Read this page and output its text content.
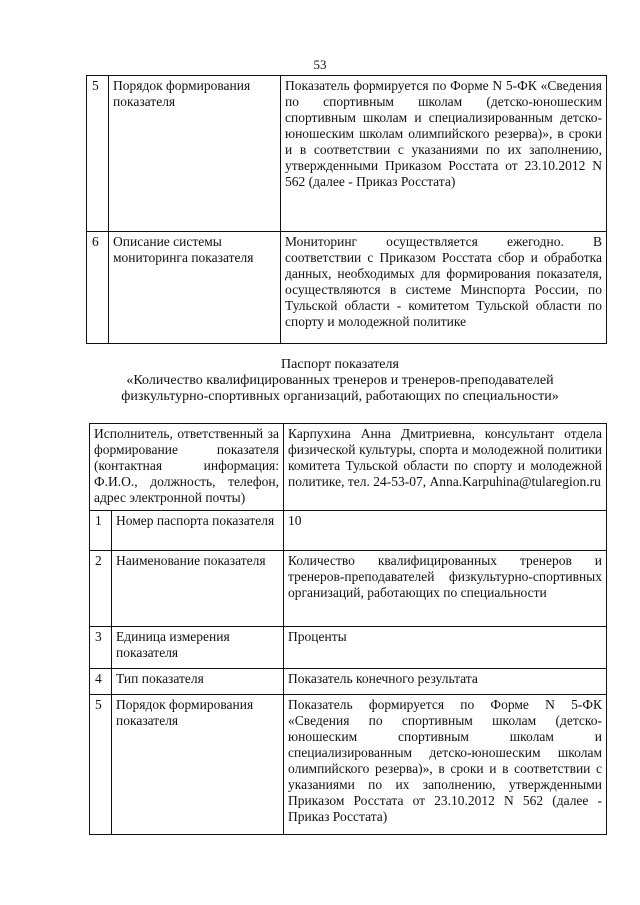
53
5	Порядок формирования показателя	Показатель формируется по Форме N 5-ФК «Сведения по спортивным школам (детско-юношеским спортивным школам и специализированным детско-юношеским школам олимпийского резерва)», в сроки и в соответствии с указаниями по их заполнению, утвержденными Приказом Росстата от 23.10.2012 N 562 (далее - Приказ Росстата)
6	Описание системы мониторинга показателя	Мониторинг осуществляется ежегодно. В соответствии с Приказом Росстата сбор и обработка данных, необходимых для формирования показателя, осуществляются в системе Минспорта России, по Тульской области - комитетом Тульской области по спорту и молодежной политике
Паспорт показателя
«Количество квалифицированных тренеров и тренеров-преподавателей
физкультурно-спортивных организаций, работающих по специальности»
Исполнитель, ответственный за формирование показателя (контактная информация: Ф.И.О., должность, телефон, адрес электронной почты)		Карпухина Анна Дмитриевна, консультант отдела физической культуры, спорта и молодежной политики комитета Тульской области по спорту и молодежной политике, тел. 24-53-07, Anna.Karpuhina@tularegion.ru
1	Номер паспорта показателя	10
2	Наименование показателя	Количество квалифицированных тренеров и тренеров-преподавателей физкультурно-спортивных организаций, работающих по специальности
3	Единица измерения показателя	Проценты
4	Тип показателя	Показатель конечного результата
5	Порядок формирования показателя	Показатель формируется по Форме N 5-ФК «Сведения по спортивным школам (детско-юношеским спортивным школам и специализированным детско-юношеским школам олимпийского резерва)», в сроки и в соответствии с указаниями по их заполнению, утвержденными Приказом Росстата от 23.10.2012 N 562 (далее - Приказ Росстата)
